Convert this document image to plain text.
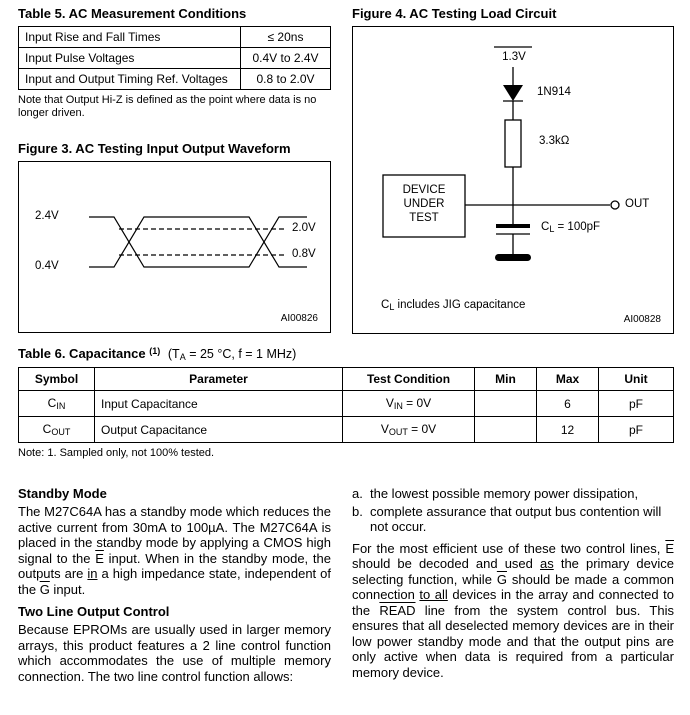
Table 5. AC Measurement Conditions
Input Rise and Fall Times	≤ 20ns
Input Pulse Voltages	0.4V to 2.4V
Input and Output Timing Ref. Voltages	0.8 to 2.0V

Note that Output Hi-Z is defined as the point where data is no longer driven.

Figure 3. AC Testing Input Output Waveform
2.4V
0.4V
2.0V
0.8V
AI00826
Figure 4. AC Testing Load Circuit
1.3V
1N914
3.3kΩ
DEVICE
UNDER
TEST
OUT
$C_L = 100pF$
$C_L$ includes JIG capacitance
AI00828
Table 6. Capacitance $^{(1)}$ ($T_A = 25$ °C, f = 1 MHz)
Symbol	Parameter	Test Condition	Min	Max	Unit
$C_{IN}$	Input Capacitance	$V_{IN} = 0V$		6	pF
$C_{OUT}$	Output Capacitance	$V_{OUT} = 0V$		12	pF

Note: 1. Sampled only, not 100% tested.

Standby Mode

The M27C64A has a standby mode which reduces the active current from 30mA to 100µA. The M27C64A is placed in the standby mode by applying a CMOS high signal to the $\overline{E}$ input. When in the standby mode, the outputs are in a high impedance state, independent of the $\overline{G}$ input.

Two Line Output Control

Because EPROMs are usually used in larger memory arrays, this product features a 2 line control function which accommodates the use of multiple memory connection. The two line control function allows:

a. the lowest possible memory power dissipation,
b. complete assurance that output bus contention will not occur.

For the most efficient use of these two control lines, $\overline{E}$ should be decoded and used as the primary device selecting function, while $\overline{G}$ should be made a common connection to all devices in the array and connected to the READ line from the system control bus. This ensures that all deselected memory devices are in their low power standby mode and that the output pins are only active when data is required from a particular memory device.
